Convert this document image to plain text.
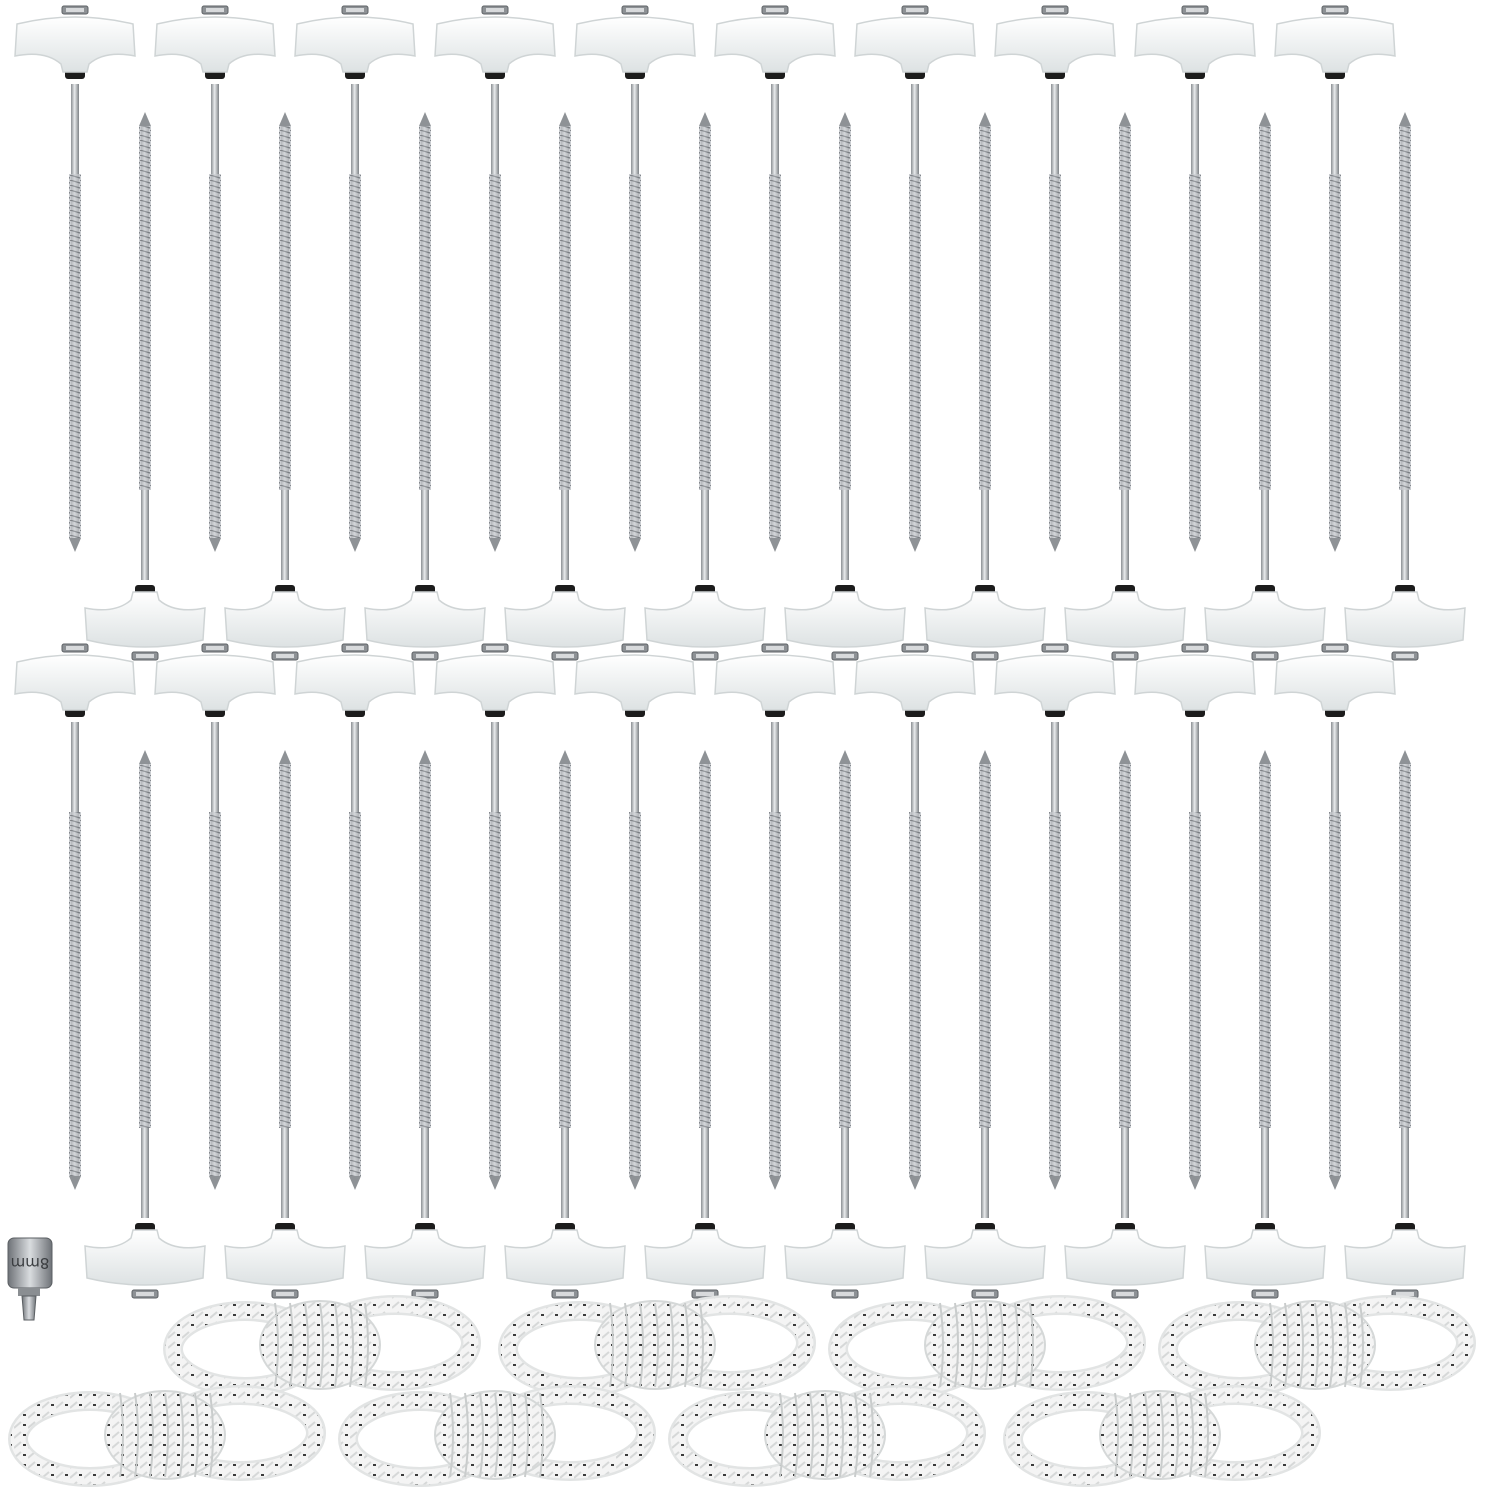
8mm
